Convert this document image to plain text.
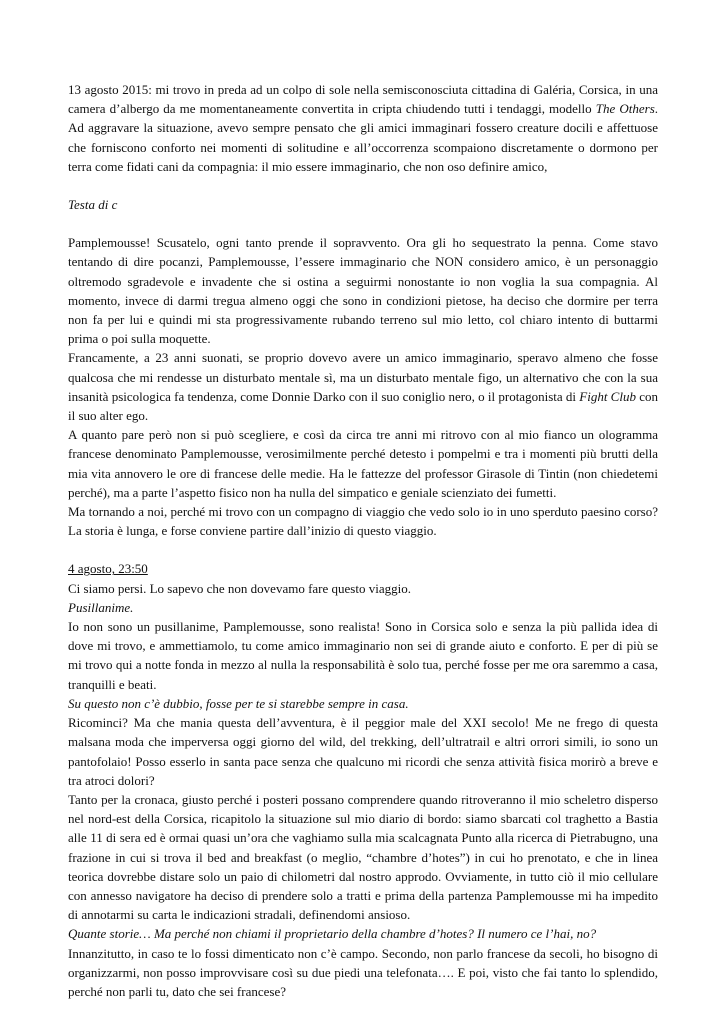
13 agosto 2015: mi trovo in preda ad un colpo di sole nella semisconosciuta cittadina di Galéria, Corsica, in una camera d’albergo da me momentaneamente convertita in cripta chiudendo tutti i tendaggi, modello The Others. Ad aggravare la situazione, avevo sempre pensato che gli amici immaginari fossero creature docili e affettuose che forniscono conforto nei momenti di solitudine e all’occorrenza scompaiono discretamente o dormono per terra come fidati cani da compagnia: il mio essere immaginario, che non oso definire amico,

Testa di c

Pamplemousse! Scusatelo, ogni tanto prende il sopravvento. Ora gli ho sequestrato la penna. Come stavo tentando di dire pocanzi, Pamplemousse, l’essere immaginario che NON considero amico, è un personaggio oltremodo sgradevole e invadente che si ostina a seguirmi nonostante io non voglia la sua compagnia. Al momento, invece di darmi tregua almeno oggi che sono in condizioni pietose, ha deciso che dormire per terra non fa per lui e quindi mi sta progressivamente rubando terreno sul mio letto, col chiaro intento di buttarmi prima o poi sulla moquette.

Francamente, a 23 anni suonati, se proprio dovevo avere un amico immaginario, speravo almeno che fosse qualcosa che mi rendesse un disturbato mentale sì, ma un disturbato mentale figo, un alternativo che con la sua insanità psicologica fa tendenza, come Donnie Darko con il suo coniglio nero, o il protagonista di Fight Club con il suo alter ego.

A quanto pare però non si può scegliere, e così da circa tre anni mi ritrovo con al mio fianco un ologramma francese denominato Pamplemousse, verosimilmente perché detesto i pompelmi e tra i momenti più brutti della mia vita annovero le ore di francese delle medie. Ha le fattezze del professor Girasole di Tintin (non chiedetemi perché), ma a parte l’aspetto fisico non ha nulla del simpatico e geniale scienziato dei fumetti.

Ma tornando a noi, perché mi trovo con un compagno di viaggio che vedo solo io in uno sperduto paesino corso? La storia è lunga, e forse conviene partire dall’inizio di questo viaggio.

4 agosto, 23:50

Ci siamo persi. Lo sapevo che non dovevamo fare questo viaggio.

Pusillanime.

Io non sono un pusillanime, Pamplemousse, sono realista! Sono in Corsica solo e senza la più pallida idea di dove mi trovo, e ammettiamolo, tu come amico immaginario non sei di grande aiuto e conforto. E per di più se mi trovo qui a notte fonda in mezzo al nulla la responsabilità è solo tua, perché fosse per me ora saremmo a casa, tranquilli e beati.

Su questo non c’è dubbio, fosse per te si starebbe sempre in casa.

Ricominci? Ma che mania questa dell’avventura, è il peggior male del XXI secolo! Me ne frego di questa malsana moda che imperversa oggi giorno del wild, del trekking, dell’ultratrail e altri orrori simili, io sono un pantofolaio! Posso esserlo in santa pace senza che qualcuno mi ricordi che senza attività fisica morirò a breve e tra atroci dolori?

Tanto per la cronaca, giusto perché i posteri possano comprendere quando ritroveranno il mio scheletro disperso nel nord-est della Corsica, ricapitolo la situazione sul mio diario di bordo: siamo sbarcati col traghetto a Bastia alle 11 di sera ed è ormai quasi un’ora che vaghiamo sulla mia scalcagnata Punto alla ricerca di Pietrabugno, una frazione in cui si trova il bed and breakfast (o meglio, “chambre d’hotes”) in cui ho prenotato, e che in linea teorica dovrebbe distare solo un paio di chilometri dal nostro approdo. Ovviamente, in tutto ciò il mio cellulare con annesso navigatore ha deciso di prendere solo a tratti e prima della partenza Pamplemousse mi ha impedito di annotarmi su carta le indicazioni stradali, definendomi ansioso.

Quante storie… Ma perché non chiami il proprietario della chambre d’hotes? Il numero ce l’hai, no?

Innanzitutto, in caso te lo fossi dimenticato non c’è campo. Secondo, non parlo francese da secoli, ho bisogno di organizzarmi, non posso improvvisare così su due piedi una telefonata…. E poi, visto che fai tanto lo splendido, perché non parli tu, dato che sei francese?
